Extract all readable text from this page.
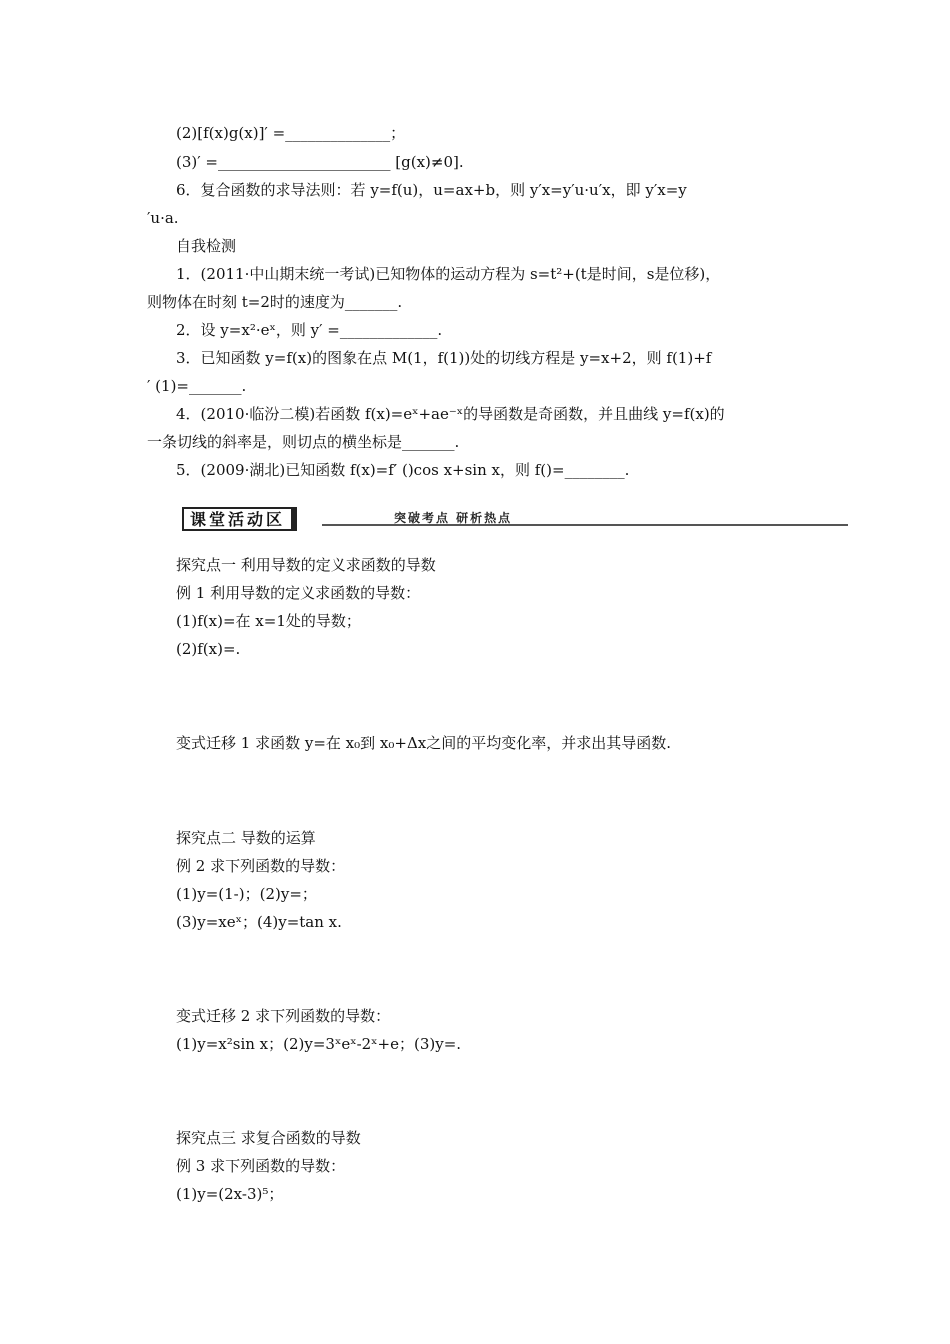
(2)[f(x)g(x)]′ =______________；
(3)′ =_______________________ [g(x)≠0].
6．复合函数的求导法则：若 y=f(u)，u=ax+b，则 y′x=y′u·u′x，即 y′x=y
′u·a.
自我检测
1．(2011·中山期末统一考试)已知物体的运动方程为 s=t²+(t是时间，s是位移)，
则物体在时刻 t=2时的速度为_______.
2．设 y=x²·eˣ，则 y′ =_____________.
3．已知函数 y=f(x)的图象在点 M(1，f(1))处的切线方程是 y=x+2，则 f(1)+f
′ (1)=_______.
4．(2010·临汾二模)若函数 f(x)=eˣ+ae⁻ˣ的导函数是奇函数，并且曲线 y=f(x)的
一条切线的斜率是，则切点的横坐标是_______.
5．(2009·湖北)已知函数 f(x)=f′ ()cos x+sin x，则 f()=________.
课堂活动区	突破考点 研析热点
探究点一 利用导数的定义求函数的导数
例 1 利用导数的定义求函数的导数：
(1)f(x)=在 x=1处的导数；
(2)f(x)=.
变式迁移 1 求函数 y=在 x₀到 x₀+Δx之间的平均变化率，并求出其导函数.
探究点二 导数的运算
例 2 求下列函数的导数：
(1)y=(1-)；(2)y=；
(3)y=xeˣ；(4)y=tan x.
变式迁移 2 求下列函数的导数：
(1)y=x²sin x；(2)y=3ˣeˣ-2ˣ+e；(3)y=.
探究点三 求复合函数的导数
例 3 求下列函数的导数：
(1)y=(2x-3)⁵；
